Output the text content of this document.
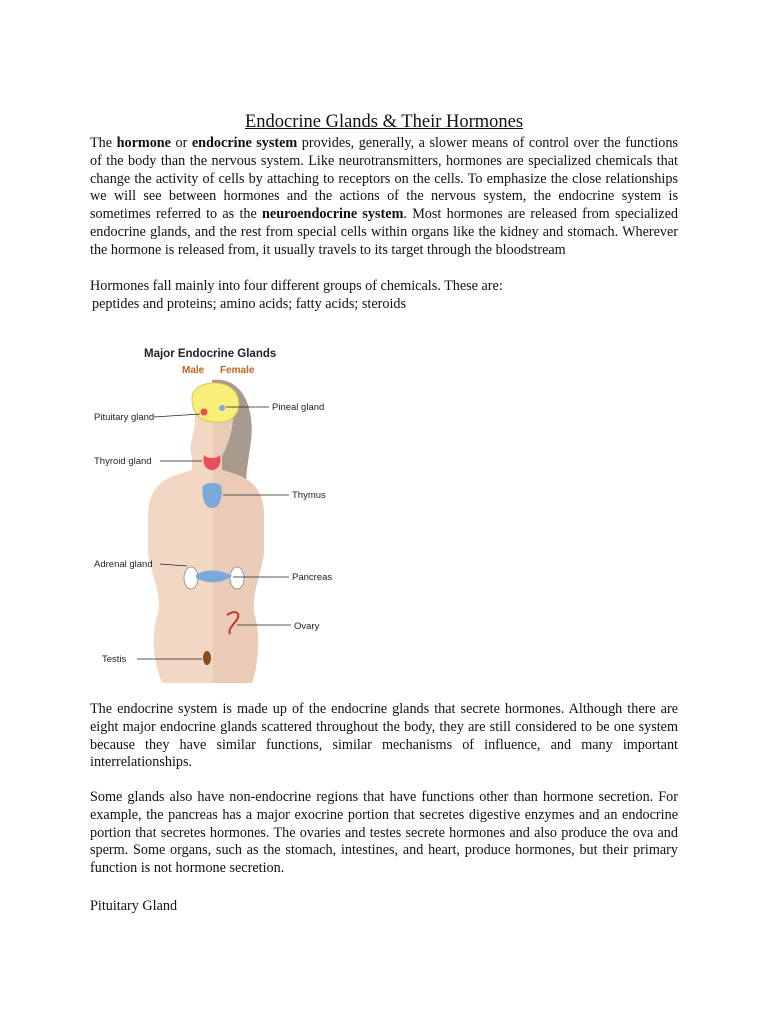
Endocrine Glands & Their Hormones

The hormone or endocrine system provides, generally, a slower means of control over the functions of the body than the nervous system. Like neurotransmitters, hormones are specialized chemicals that change the activity of cells by attaching to receptors on the cells. To emphasize the close relationships we will see between hormones and the actions of the nervous system, the endocrine system is sometimes referred to as the neuroendocrine system. Most hormones are released from specialized endocrine glands, and the rest from special cells within organs like the kidney and stomach. Wherever the hormone is released from, it usually travels to its target through the bloodstream

Hormones fall mainly into four different groups of chemicals. These are:
peptides and proteins; amino acids; fatty acids; steroids
Major Endocrine Glands
Male Female
Pituitary gland
Pineal gland
Thyroid gland
Thymus
Adrenal gland
Pancreas
Ovary
Testis

The endocrine system is made up of the endocrine glands that secrete hormones. Although there are eight major endocrine glands scattered throughout the body, they are still considered to be one system because they have similar functions, similar mechanisms of influence, and many important interrelationships.

Some glands also have non-endocrine regions that have functions other than hormone secretion. For example, the pancreas has a major exocrine portion that secretes digestive enzymes and an endocrine portion that secretes hormones. The ovaries and testes secrete hormones and also produce the ova and sperm. Some organs, such as the stomach, intestines, and heart, produce hormones, but their primary function is not hormone secretion.

Pituitary Gland
